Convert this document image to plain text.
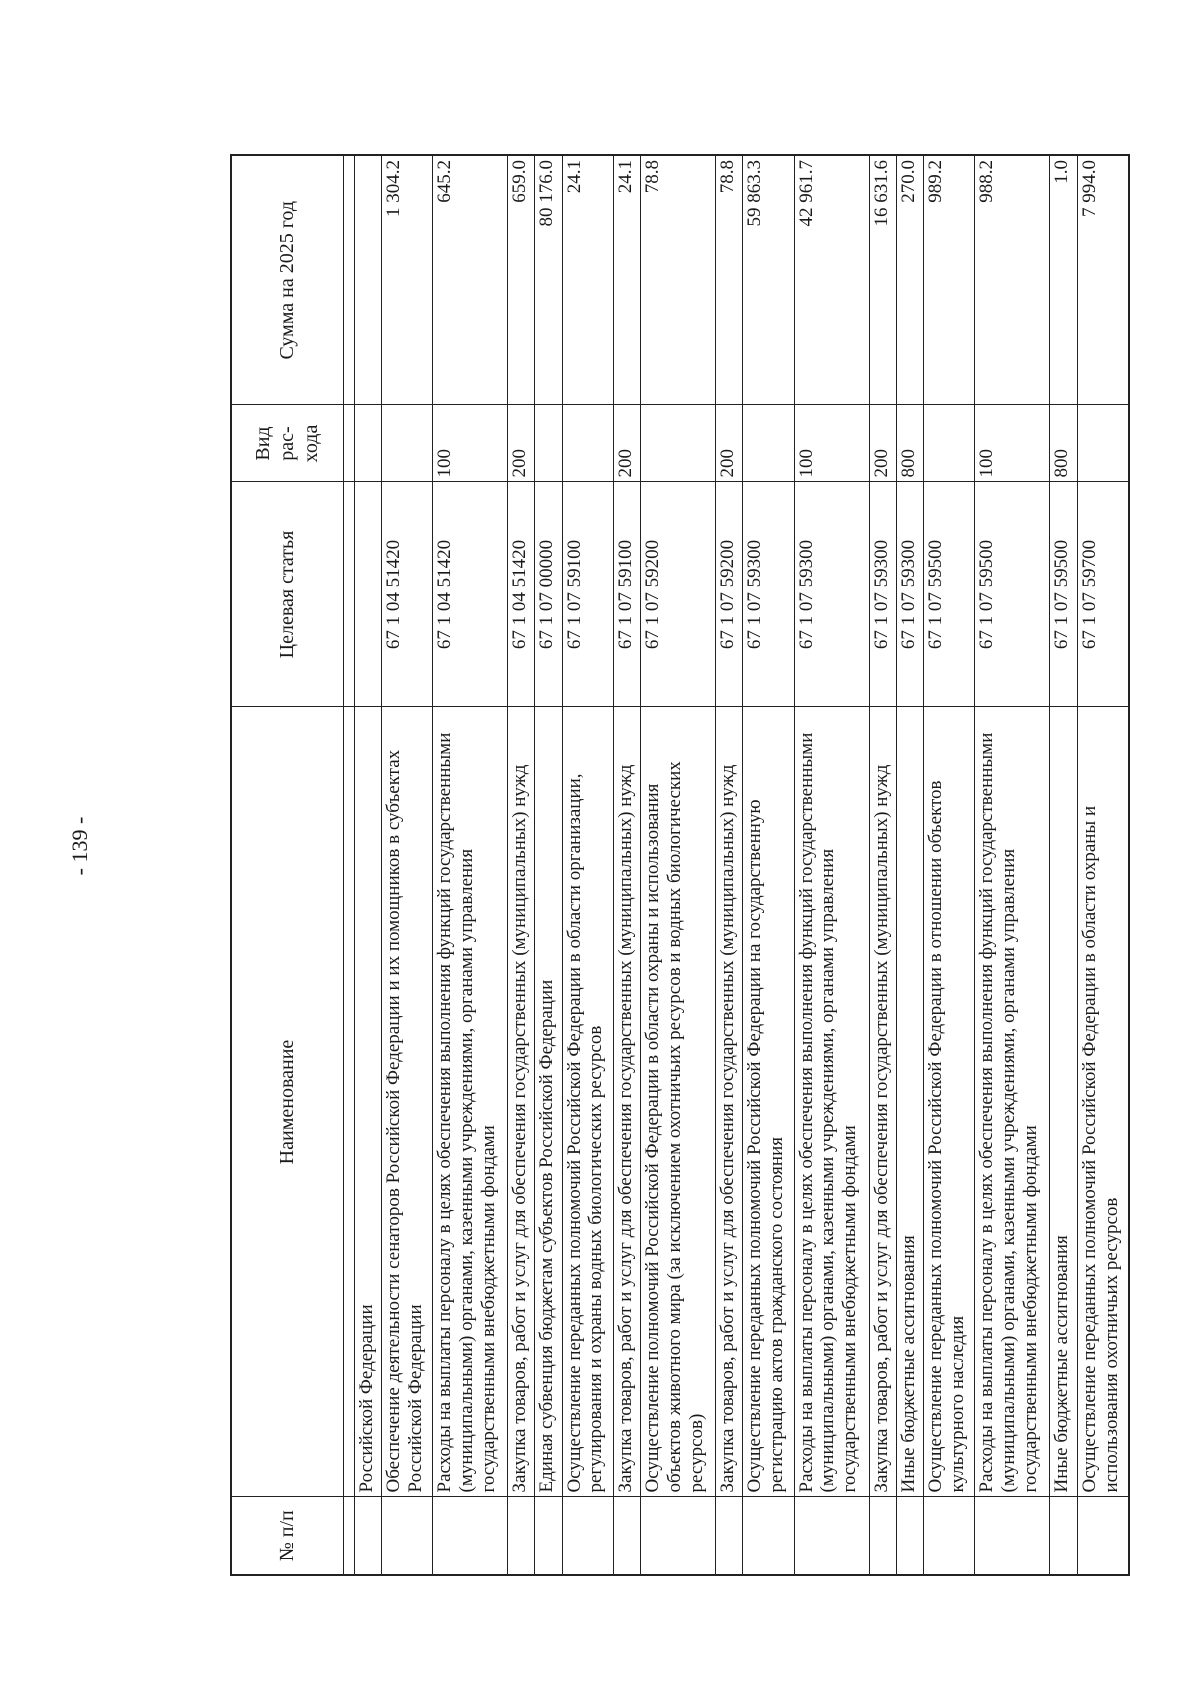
- 139 -
№ п/п	Наименование	Целевая статья	Вид рас- хода	Сумма на 2025 год

	Российской Федерации			
	Обеспечение деятельности сенаторов Российской Федерации и их помощников в субъектах Российской Федерации	67 1 04 51420		1 304.2
	Расходы на выплаты персоналу в целях обеспечения выполнения функций государственными (муниципальными) органами, казенными учреждениями, органами управления государственными внебюджетными фондами	67 1 04 51420	100	645.2
	Закупка товаров, работ и услуг для обеспечения государственных (муниципальных) нужд	67 1 04 51420	200	659.0
	Единая субвенция бюджетам субъектов Российской Федерации	67 1 07 00000		80 176.0
	Осуществление переданных полномочий Российской Федерации в области организации, регулирования и охраны водных биологических ресурсов	67 1 07 59100		24.1
	Закупка товаров, работ и услуг для обеспечения государственных (муниципальных) нужд	67 1 07 59100	200	24.1
	Осуществление полномочий Российской Федерации в области охраны и использования объектов животного мира (за исключением охотничьих ресурсов и водных биологических ресурсов)	67 1 07 59200		78.8
	Закупка товаров, работ и услуг для обеспечения государственных (муниципальных) нужд	67 1 07 59200	200	78.8
	Осуществление переданных полномочий Российской Федерации на государственную регистрацию актов гражданского состояния	67 1 07 59300		59 863.3
	Расходы на выплаты персоналу в целях обеспечения выполнения функций государственными (муниципальными) органами, казенными учреждениями, органами управления государственными внебюджетными фондами	67 1 07 59300	100	42 961.7
	Закупка товаров, работ и услуг для обеспечения государственных (муниципальных) нужд	67 1 07 59300	200	16 631.6
	Иные бюджетные ассигнования	67 1 07 59300	800	270.0
	Осуществление переданных полномочий Российской Федерации в отношении объектов культурного наследия	67 1 07 59500		989.2
	Расходы на выплаты персоналу в целях обеспечения выполнения функций государственными (муниципальными) органами, казенными учреждениями, органами управления государственными внебюджетными фондами	67 1 07 59500	100	988.2
	Иные бюджетные ассигнования	67 1 07 59500	800	1.0
	Осуществление переданных полномочий Российской Федерации в области охраны и использования охотничьих ресурсов	67 1 07 59700		7 994.0
